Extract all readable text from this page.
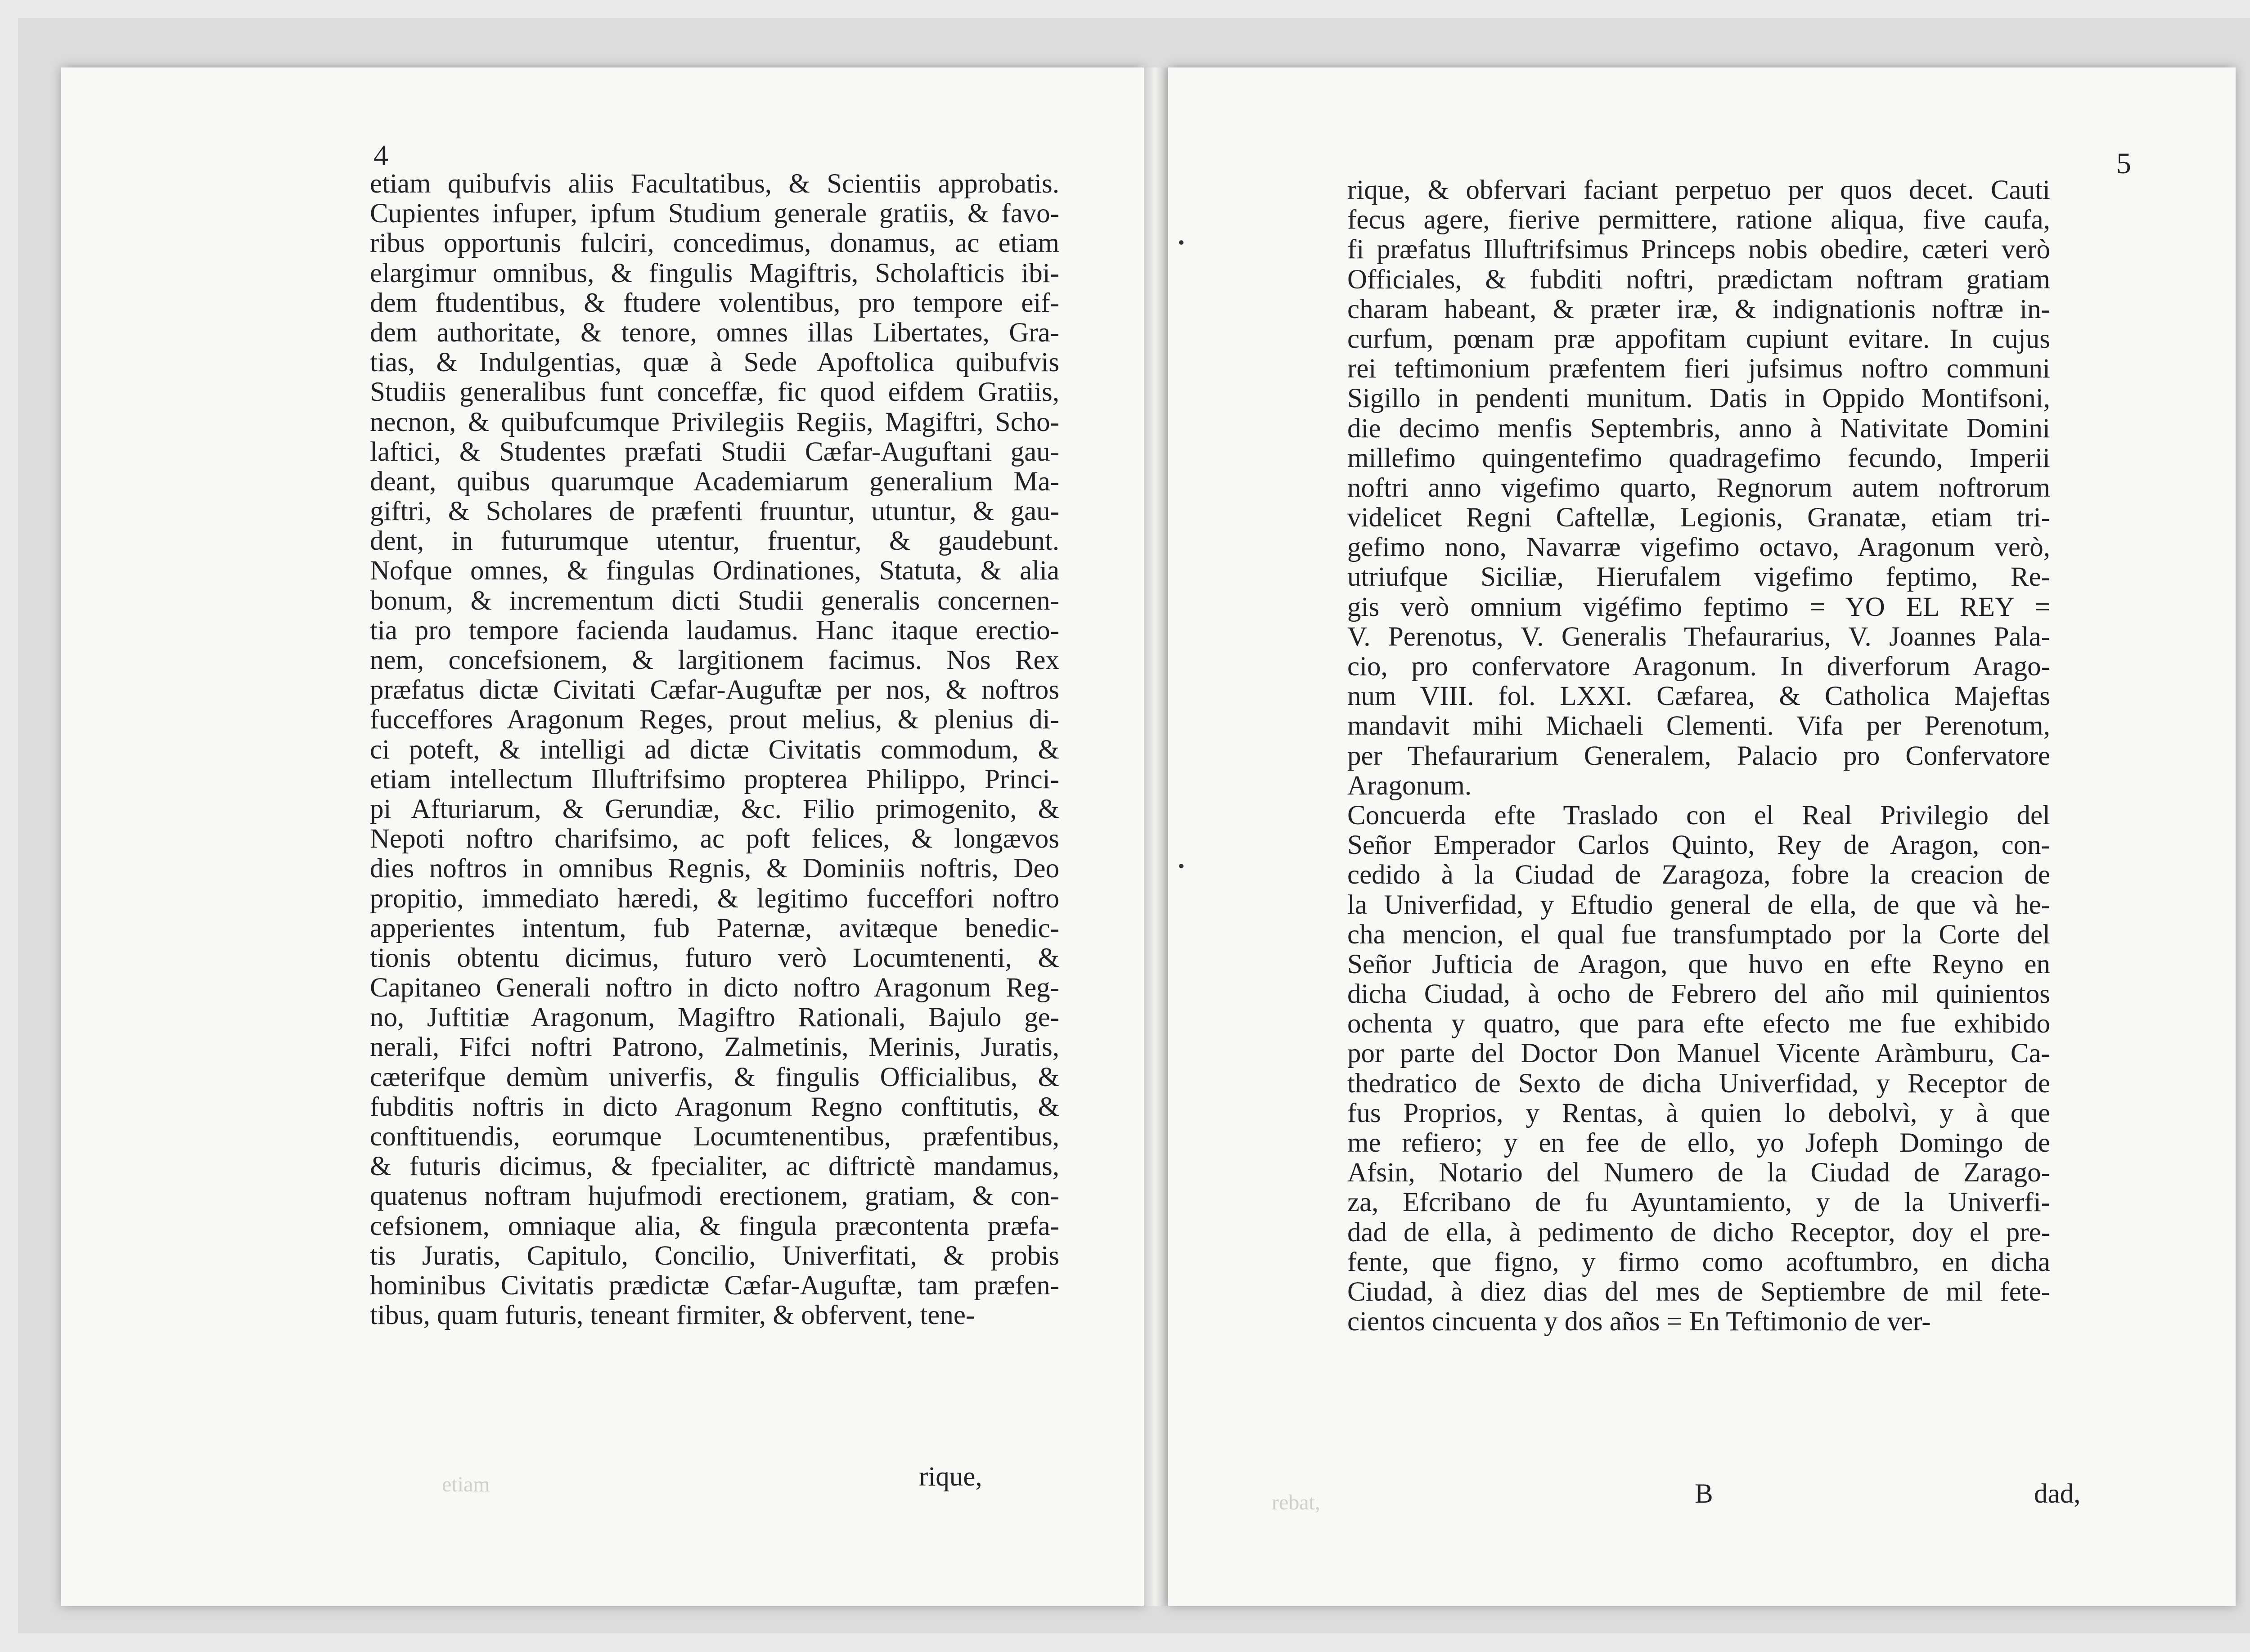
4
etiam quibufvis aliis Facultatibus, & Scientiis approbatis.
Cupientes infuper, ipfum Studium generale gratiis, & favo-
ribus opportunis fulciri, concedimus, donamus, ac etiam
elargimur omnibus, & fingulis Magiftris, Scholafticis ibi-
dem ftudentibus, & ftudere volentibus, pro tempore eif-
dem authoritate, & tenore, omnes illas Libertates, Gra-
tias, & Indulgentias, quæ à Sede Apoftolica quibufvis
Studiis generalibus funt conceffæ, fic quod eifdem Gratiis,
necnon, & quibufcumque Privilegiis Regiis, Magiftri, Scho-
laftici, & Studentes præfati Studii Cæfar-Auguftani gau-
deant, quibus quarumque Academiarum generalium Ma-
giftri, & Scholares de præfenti fruuntur, utuntur, & gau-
dent, in futurumque utentur, fruentur, & gaudebunt.
Nofque omnes, & fingulas Ordinationes, Statuta, & alia
bonum, & incrementum dicti Studii generalis concernen-
tia pro tempore facienda laudamus. Hanc itaque erectio-
nem, concefsionem, & largitionem facimus. Nos Rex
præfatus dictæ Civitati Cæfar-Auguftæ per nos, & noftros
fucceffores Aragonum Reges, prout melius, & plenius di-
ci poteft, & intelligi ad dictæ Civitatis commodum, &
etiam intellectum Illuftrifsimo propterea Philippo, Princi-
pi Afturiarum, & Gerundiæ, &c. Filio primogenito, &
Nepoti noftro charifsimo, ac poft felices, & longævos
dies noftros in omnibus Regnis, & Dominiis noftris, Deo
propitio, immediato hæredi, & legitimo fucceffori noftro
apperientes intentum, fub Paternæ, avitæque benedic-
tionis obtentu dicimus, futuro verò Locumtenenti, &
Capitaneo Generali noftro in dicto noftro Aragonum Reg-
no, Juftitiæ Aragonum, Magiftro Rationali, Bajulo ge-
nerali, Fifci noftri Patrono, Zalmetinis, Merinis, Juratis,
cæterifque demùm univerfis, & fingulis Officialibus, &
fubditis noftris in dicto Aragonum Regno conftitutis, &
conftituendis, eorumque Locumtenentibus, præfentibus,
& futuris dicimus, & fpecialiter, ac diftrictè mandamus,
quatenus noftram hujufmodi erectionem, gratiam, & con-
cefsionem, omniaque alia, & fingula præcontenta præfa-
tis Juratis, Capitulo, Concilio, Univerfitati, & probis
hominibus Civitatis prædictæ Cæfar-Auguftæ, tam præfen-
tibus, quam futuris, teneant firmiter, & obfervent, tene-
etiam	rique,
5
rique, & obfervari faciant perpetuo per quos decet. Cauti
fecus agere, fierive permittere, ratione aliqua, five caufa,
fi præfatus Illuftrifsimus Princeps nobis obedire, cæteri verò
Officiales, & fubditi noftri, prædictam noftram gratiam
charam habeant, & præter iræ, & indignationis noftræ in-
curfum, pœnam præ appofitam cupiunt evitare. In cujus
rei teftimonium præfentem fieri jufsimus noftro communi
Sigillo in pendenti munitum. Datis in Oppido Montifsoni,
die decimo menfis Septembris, anno à Nativitate Domini
millefimo quingentefimo quadragefimo fecundo, Imperii
noftri anno vigefimo quarto, Regnorum autem noftrorum
videlicet Regni Caftellæ, Legionis, Granatæ, etiam tri-
gefimo nono, Navarræ vigefimo octavo, Aragonum verò,
utriufque Siciliæ, Hierufalem vigefimo feptimo, Re-
gis verò omnium vigéfimo feptimo = YO EL REY =
V. Perenotus, V. Generalis Thefaurarius, V. Joannes Pala-
cio, pro confervatore Aragonum. In diverforum Arago-
num VIII. fol. LXXI. Cæfarea, & Catholica Majeftas
mandavit mihi Michaeli Clementi. Vifa per Perenotum,
per Thefaurarium Generalem, Palacio pro Confervatore
Aragonum.
Concuerda efte Traslado con el Real Privilegio del
Señor Emperador Carlos Quinto, Rey de Aragon, con-
cedido à la Ciudad de Zaragoza, fobre la creacion de
la Univerfidad, y Eftudio general de ella, de que và he-
cha mencion, el qual fue transfumptado por la Corte del
Señor Jufticia de Aragon, que huvo en efte Reyno en
dicha Ciudad, à ocho de Febrero del año mil quinientos
ochenta y quatro, que para efte efecto me fue exhibido
por parte del Doctor Don Manuel Vicente Aràmburu, Ca-
thedratico de Sexto de dicha Univerfidad, y Receptor de
fus Proprios, y Rentas, à quien lo debolvì, y à que
me refiero; y en fee de ello, yo Jofeph Domingo de
Afsin, Notario del Numero de la Ciudad de Zarago-
za, Efcribano de fu Ayuntamiento, y de la Univerfi-
dad de ella, à pedimento de dicho Receptor, doy el pre-
fente, que figno, y firmo como acoftumbro, en dicha
Ciudad, à diez dias del mes de Septiembre de mil fete-
cientos cincuenta y dos años = En Teftimonio de ver-
rebat,	B	dad,
